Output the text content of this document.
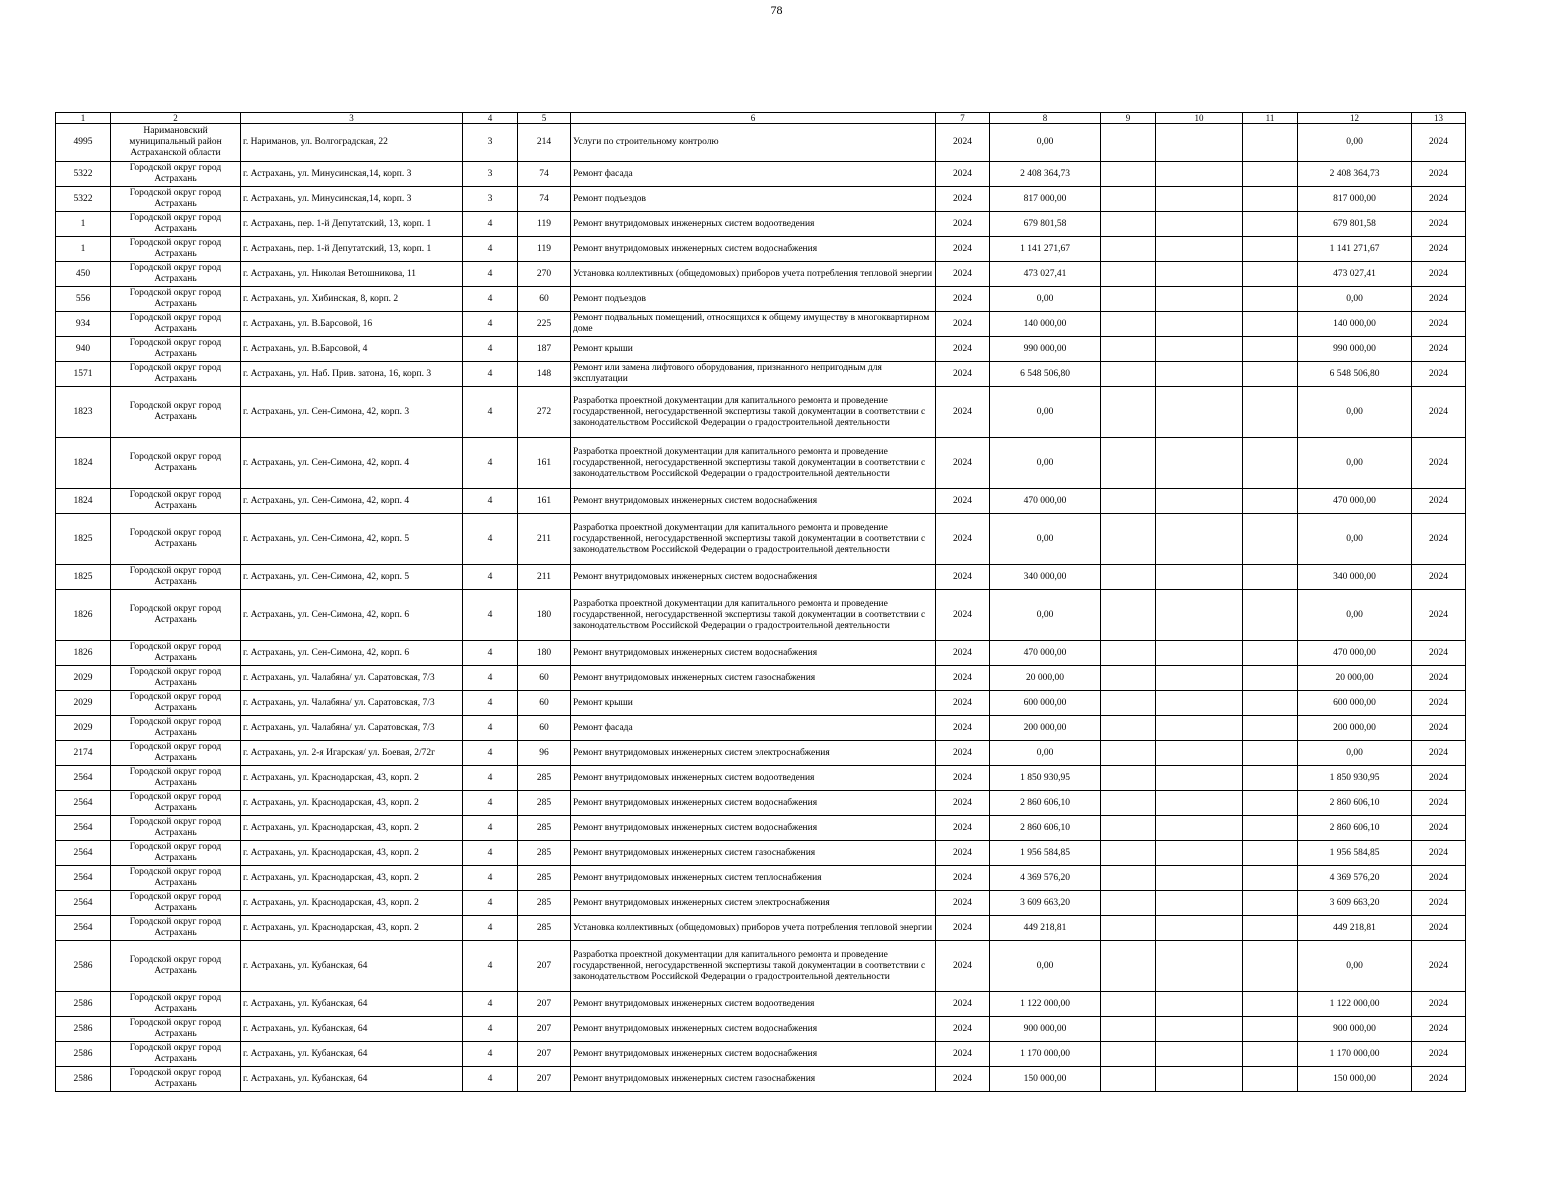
78
1	2	3	4	5	6	7	8	9	10	11	12	13
4995	Наримановский муниципальный район Астраханской области	г. Нариманов, ул. Волгоградская, 22	3	214	Услуги по строительному контролю	2024	0,00				0,00	2024
5322	Городской округ город Астрахань	г. Астрахань, ул. Минусинская,14, корп. 3	3	74	Ремонт фасада	2024	2 408 364,73				2 408 364,73	2024
5322	Городской округ город Астрахань	г. Астрахань, ул. Минусинская,14, корп. 3	3	74	Ремонт подъездов	2024	817 000,00				817 000,00	2024
1	Городской округ город Астрахань	г. Астрахань, пер. 1-й Депутатский, 13, корп. 1	4	119	Ремонт внутридомовых инженерных систем водоотведения	2024	679 801,58				679 801,58	2024
1	Городской округ город Астрахань	г. Астрахань, пер. 1-й Депутатский, 13, корп. 1	4	119	Ремонт внутридомовых инженерных систем водоснабжения	2024	1 141 271,67				1 141 271,67	2024
450	Городской округ город Астрахань	г. Астрахань, ул. Николая Ветошникова, 11	4	270	Установка коллективных (общедомовых) приборов учета потребления тепловой энергии	2024	473 027,41				473 027,41	2024
556	Городской округ город Астрахань	г. Астрахань, ул. Хибинская, 8, корп. 2	4	60	Ремонт подъездов	2024	0,00				0,00	2024
934	Городской округ город Астрахань	г. Астрахань, ул. В.Барсовой, 16	4	225	Ремонт подвальных помещений, относящихся к общему имуществу в многоквартирном доме	2024	140 000,00				140 000,00	2024
940	Городской округ город Астрахань	г. Астрахань, ул. В.Барсовой, 4	4	187	Ремонт крыши	2024	990 000,00				990 000,00	2024
1571	Городской округ город Астрахань	г. Астрахань, ул. Наб. Прив. затона, 16, корп. 3	4	148	Ремонт или замена лифтового оборудования, признанного непригодным для эксплуатации	2024	6 548 506,80				6 548 506,80	2024
1823	Городской округ город Астрахань	г. Астрахань, ул. Сен-Симона, 42, корп. 3	4	272	Разработка проектной документации для капитального ремонта и проведение государственной, негосударственной экспертизы такой документации в соответствии с законодательством Российской Федерации о градостроительной деятельности	2024	0,00				0,00	2024
1824	Городской округ город Астрахань	г. Астрахань, ул. Сен-Симона, 42, корп. 4	4	161	Разработка проектной документации для капитального ремонта и проведение государственной, негосударственной экспертизы такой документации в соответствии с законодательством Российской Федерации о градостроительной деятельности	2024	0,00				0,00	2024
1824	Городской округ город Астрахань	г. Астрахань, ул. Сен-Симона, 42, корп. 4	4	161	Ремонт внутридомовых инженерных систем водоснабжения	2024	470 000,00				470 000,00	2024
1825	Городской округ город Астрахань	г. Астрахань, ул. Сен-Симона, 42, корп. 5	4	211	Разработка проектной документации для капитального ремонта и проведение государственной, негосударственной экспертизы такой документации в соответствии с законодательством Российской Федерации о градостроительной деятельности	2024	0,00				0,00	2024
1825	Городской округ город Астрахань	г. Астрахань, ул. Сен-Симона, 42, корп. 5	4	211	Ремонт внутридомовых инженерных систем водоснабжения	2024	340 000,00				340 000,00	2024
1826	Городской округ город Астрахань	г. Астрахань, ул. Сен-Симона, 42, корп. 6	4	180	Разработка проектной документации для капитального ремонта и проведение государственной, негосударственной экспертизы такой документации в соответствии с законодательством Российской Федерации о градостроительной деятельности	2024	0,00				0,00	2024
1826	Городской округ город Астрахань	г. Астрахань, ул. Сен-Симона, 42, корп. 6	4	180	Ремонт внутридомовых инженерных систем водоснабжения	2024	470 000,00				470 000,00	2024
2029	Городской округ город Астрахань	г. Астрахань, ул. Чалабяна/ ул. Саратовская, 7/3	4	60	Ремонт внутридомовых инженерных систем газоснабжения	2024	20 000,00				20 000,00	2024
2029	Городской округ город Астрахань	г. Астрахань, ул. Чалабяна/ ул. Саратовская, 7/3	4	60	Ремонт крыши	2024	600 000,00				600 000,00	2024
2029	Городской округ город Астрахань	г. Астрахань, ул. Чалабяна/ ул. Саратовская, 7/3	4	60	Ремонт фасада	2024	200 000,00				200 000,00	2024
2174	Городской округ город Астрахань	г. Астрахань, ул. 2-я Игарская/ ул. Боевая, 2/72г	4	96	Ремонт внутридомовых инженерных систем электроснабжения	2024	0,00				0,00	2024
2564	Городской округ город Астрахань	г. Астрахань, ул. Краснодарская, 43, корп. 2	4	285	Ремонт внутридомовых инженерных систем водоотведения	2024	1 850 930,95				1 850 930,95	2024
2564	Городской округ город Астрахань	г. Астрахань, ул. Краснодарская, 43, корп. 2	4	285	Ремонт внутридомовых инженерных систем водоснабжения	2024	2 860 606,10				2 860 606,10	2024
2564	Городской округ город Астрахань	г. Астрахань, ул. Краснодарская, 43, корп. 2	4	285	Ремонт внутридомовых инженерных систем водоснабжения	2024	2 860 606,10				2 860 606,10	2024
2564	Городской округ город Астрахань	г. Астрахань, ул. Краснодарская, 43, корп. 2	4	285	Ремонт внутридомовых инженерных систем газоснабжения	2024	1 956 584,85				1 956 584,85	2024
2564	Городской округ город Астрахань	г. Астрахань, ул. Краснодарская, 43, корп. 2	4	285	Ремонт внутридомовых инженерных систем теплоснабжения	2024	4 369 576,20				4 369 576,20	2024
2564	Городской округ город Астрахань	г. Астрахань, ул. Краснодарская, 43, корп. 2	4	285	Ремонт внутридомовых инженерных систем электроснабжения	2024	3 609 663,20				3 609 663,20	2024
2564	Городской округ город Астрахань	г. Астрахань, ул. Краснодарская, 43, корп. 2	4	285	Установка коллективных (общедомовых) приборов учета потребления тепловой энергии	2024	449 218,81				449 218,81	2024
2586	Городской округ город Астрахань	г. Астрахань, ул. Кубанская, 64	4	207	Разработка проектной документации для капитального ремонта и проведение государственной, негосударственной экспертизы такой документации в соответствии с законодательством Российской Федерации о градостроительной деятельности	2024	0,00				0,00	2024
2586	Городской округ город Астрахань	г. Астрахань, ул. Кубанская, 64	4	207	Ремонт внутридомовых инженерных систем водоотведения	2024	1 122 000,00				1 122 000,00	2024
2586	Городской округ город Астрахань	г. Астрахань, ул. Кубанская, 64	4	207	Ремонт внутридомовых инженерных систем водоснабжения	2024	900 000,00				900 000,00	2024
2586	Городской округ город Астрахань	г. Астрахань, ул. Кубанская, 64	4	207	Ремонт внутридомовых инженерных систем водоснабжения	2024	1 170 000,00				1 170 000,00	2024
2586	Городской округ город Астрахань	г. Астрахань, ул. Кубанская, 64	4	207	Ремонт внутридомовых инженерных систем газоснабжения	2024	150 000,00				150 000,00	2024
